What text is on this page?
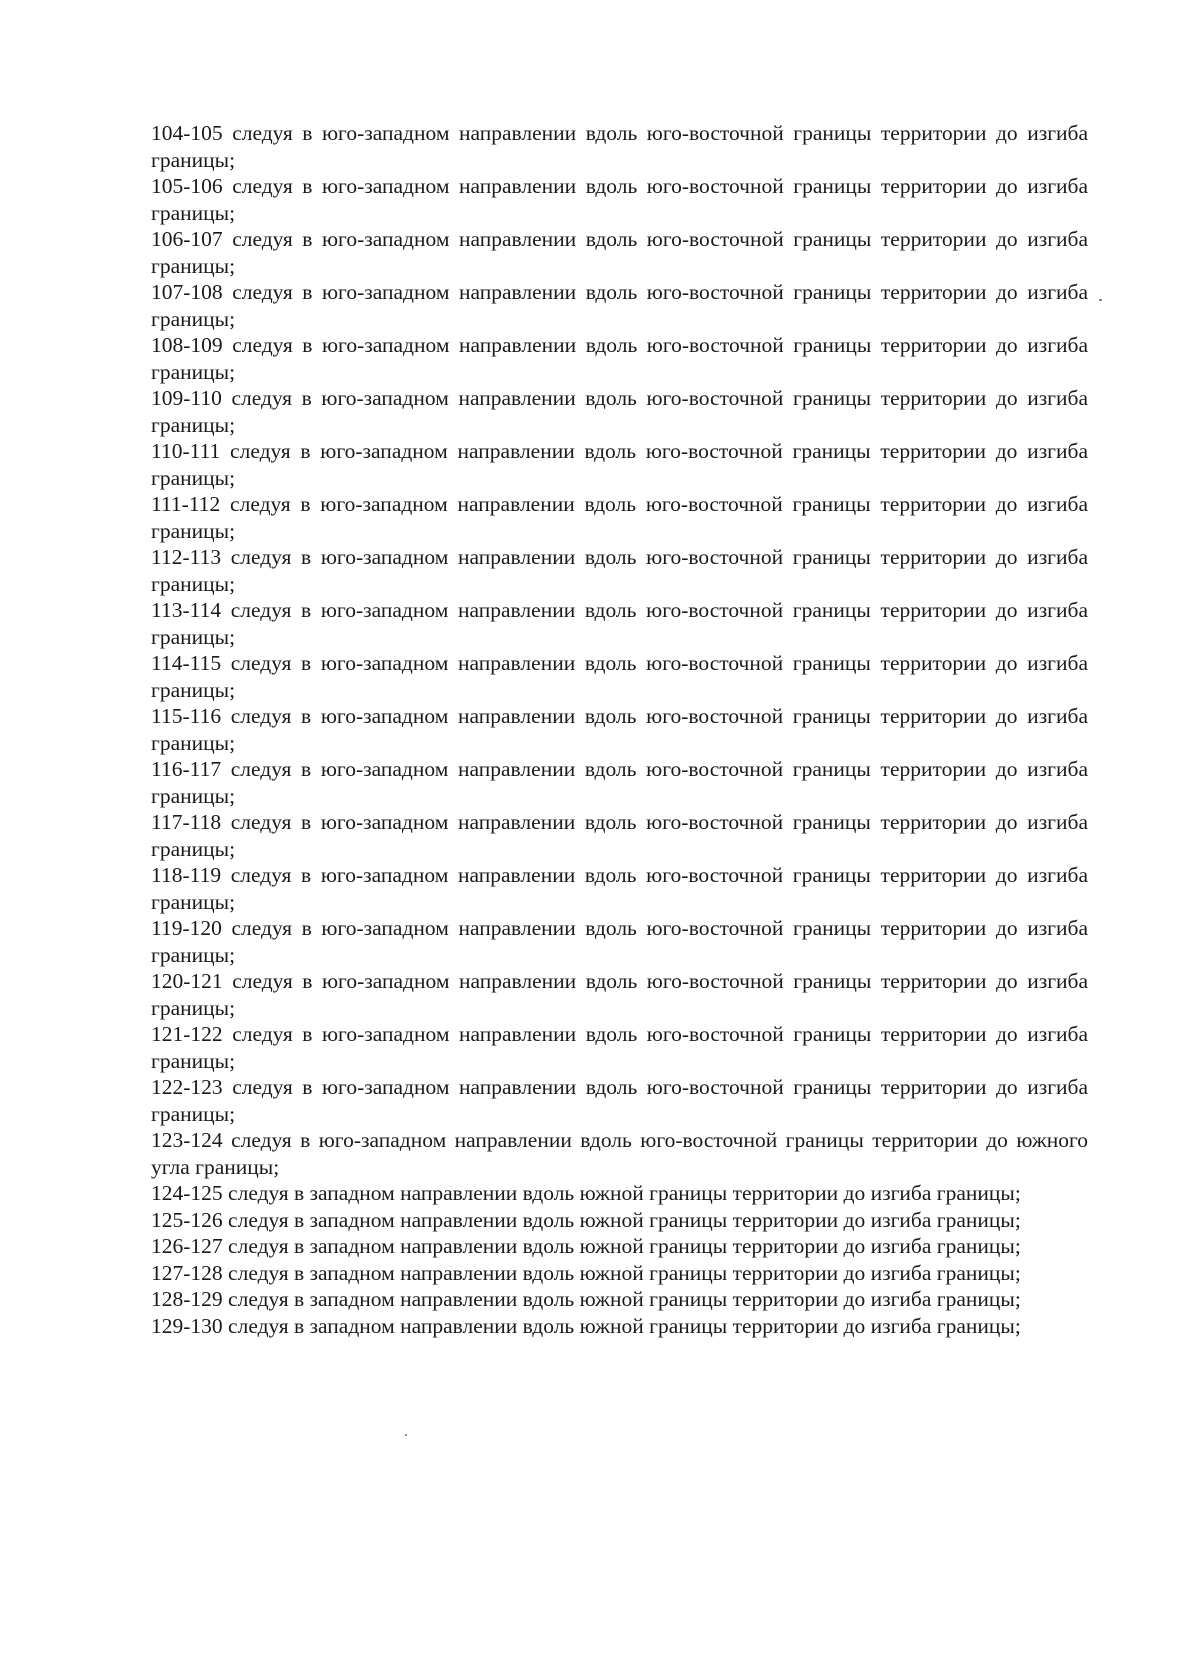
104-105 следуя в юго-западном направлении вдоль юго-восточной границы территории до изгиба границы;

105-106 следуя в юго-западном направлении вдоль юго-восточной границы территории до изгиба границы;

106-107 следуя в юго-западном направлении вдоль юго-восточной границы территории до изгиба границы;

107-108 следуя в юго-западном направлении вдоль юго-восточной границы территории до изгиба границы;

108-109 следуя в юго-западном направлении вдоль юго-восточной границы территории до изгиба границы;

109-110 следуя в юго-западном направлении вдоль юго-восточной границы территории до изгиба границы;

110-111 следуя в юго-западном направлении вдоль юго-восточной границы территории до изгиба границы;

111-112 следуя в юго-западном направлении вдоль юго-восточной границы территории до изгиба границы;

112-113 следуя в юго-западном направлении вдоль юго-восточной границы территории до изгиба границы;

113-114 следуя в юго-западном направлении вдоль юго-восточной границы территории до изгиба границы;

114-115 следуя в юго-западном направлении вдоль юго-восточной границы территории до изгиба границы;

115-116 следуя в юго-западном направлении вдоль юго-восточной границы территории до изгиба границы;

116-117 следуя в юго-западном направлении вдоль юго-восточной границы территории до изгиба границы;

117-118 следуя в юго-западном направлении вдоль юго-восточной границы территории до изгиба границы;

118-119 следуя в юго-западном направлении вдоль юго-восточной границы территории до изгиба границы;

119-120 следуя в юго-западном направлении вдоль юго-восточной границы территории до изгиба границы;

120-121 следуя в юго-западном направлении вдоль юго-восточной границы территории до изгиба границы;

121-122 следуя в юго-западном направлении вдоль юго-восточной границы территории до изгиба границы;

122-123 следуя в юго-западном направлении вдоль юго-восточной границы территории до изгиба границы;

123-124 следуя в юго-западном направлении вдоль юго-восточной границы территории до южного угла границы;

124-125 следуя в западном направлении вдоль южной границы территории до изгиба границы;

125-126 следуя в западном направлении вдоль южной границы территории до изгиба границы;

126-127 следуя в западном направлении вдоль южной границы территории до изгиба границы;

127-128 следуя в западном направлении вдоль южной границы территории до изгиба границы;

128-129 следуя в западном направлении вдоль южной границы территории до изгиба границы;

129-130 следуя в западном направлении вдоль южной границы территории до изгиба границы;
